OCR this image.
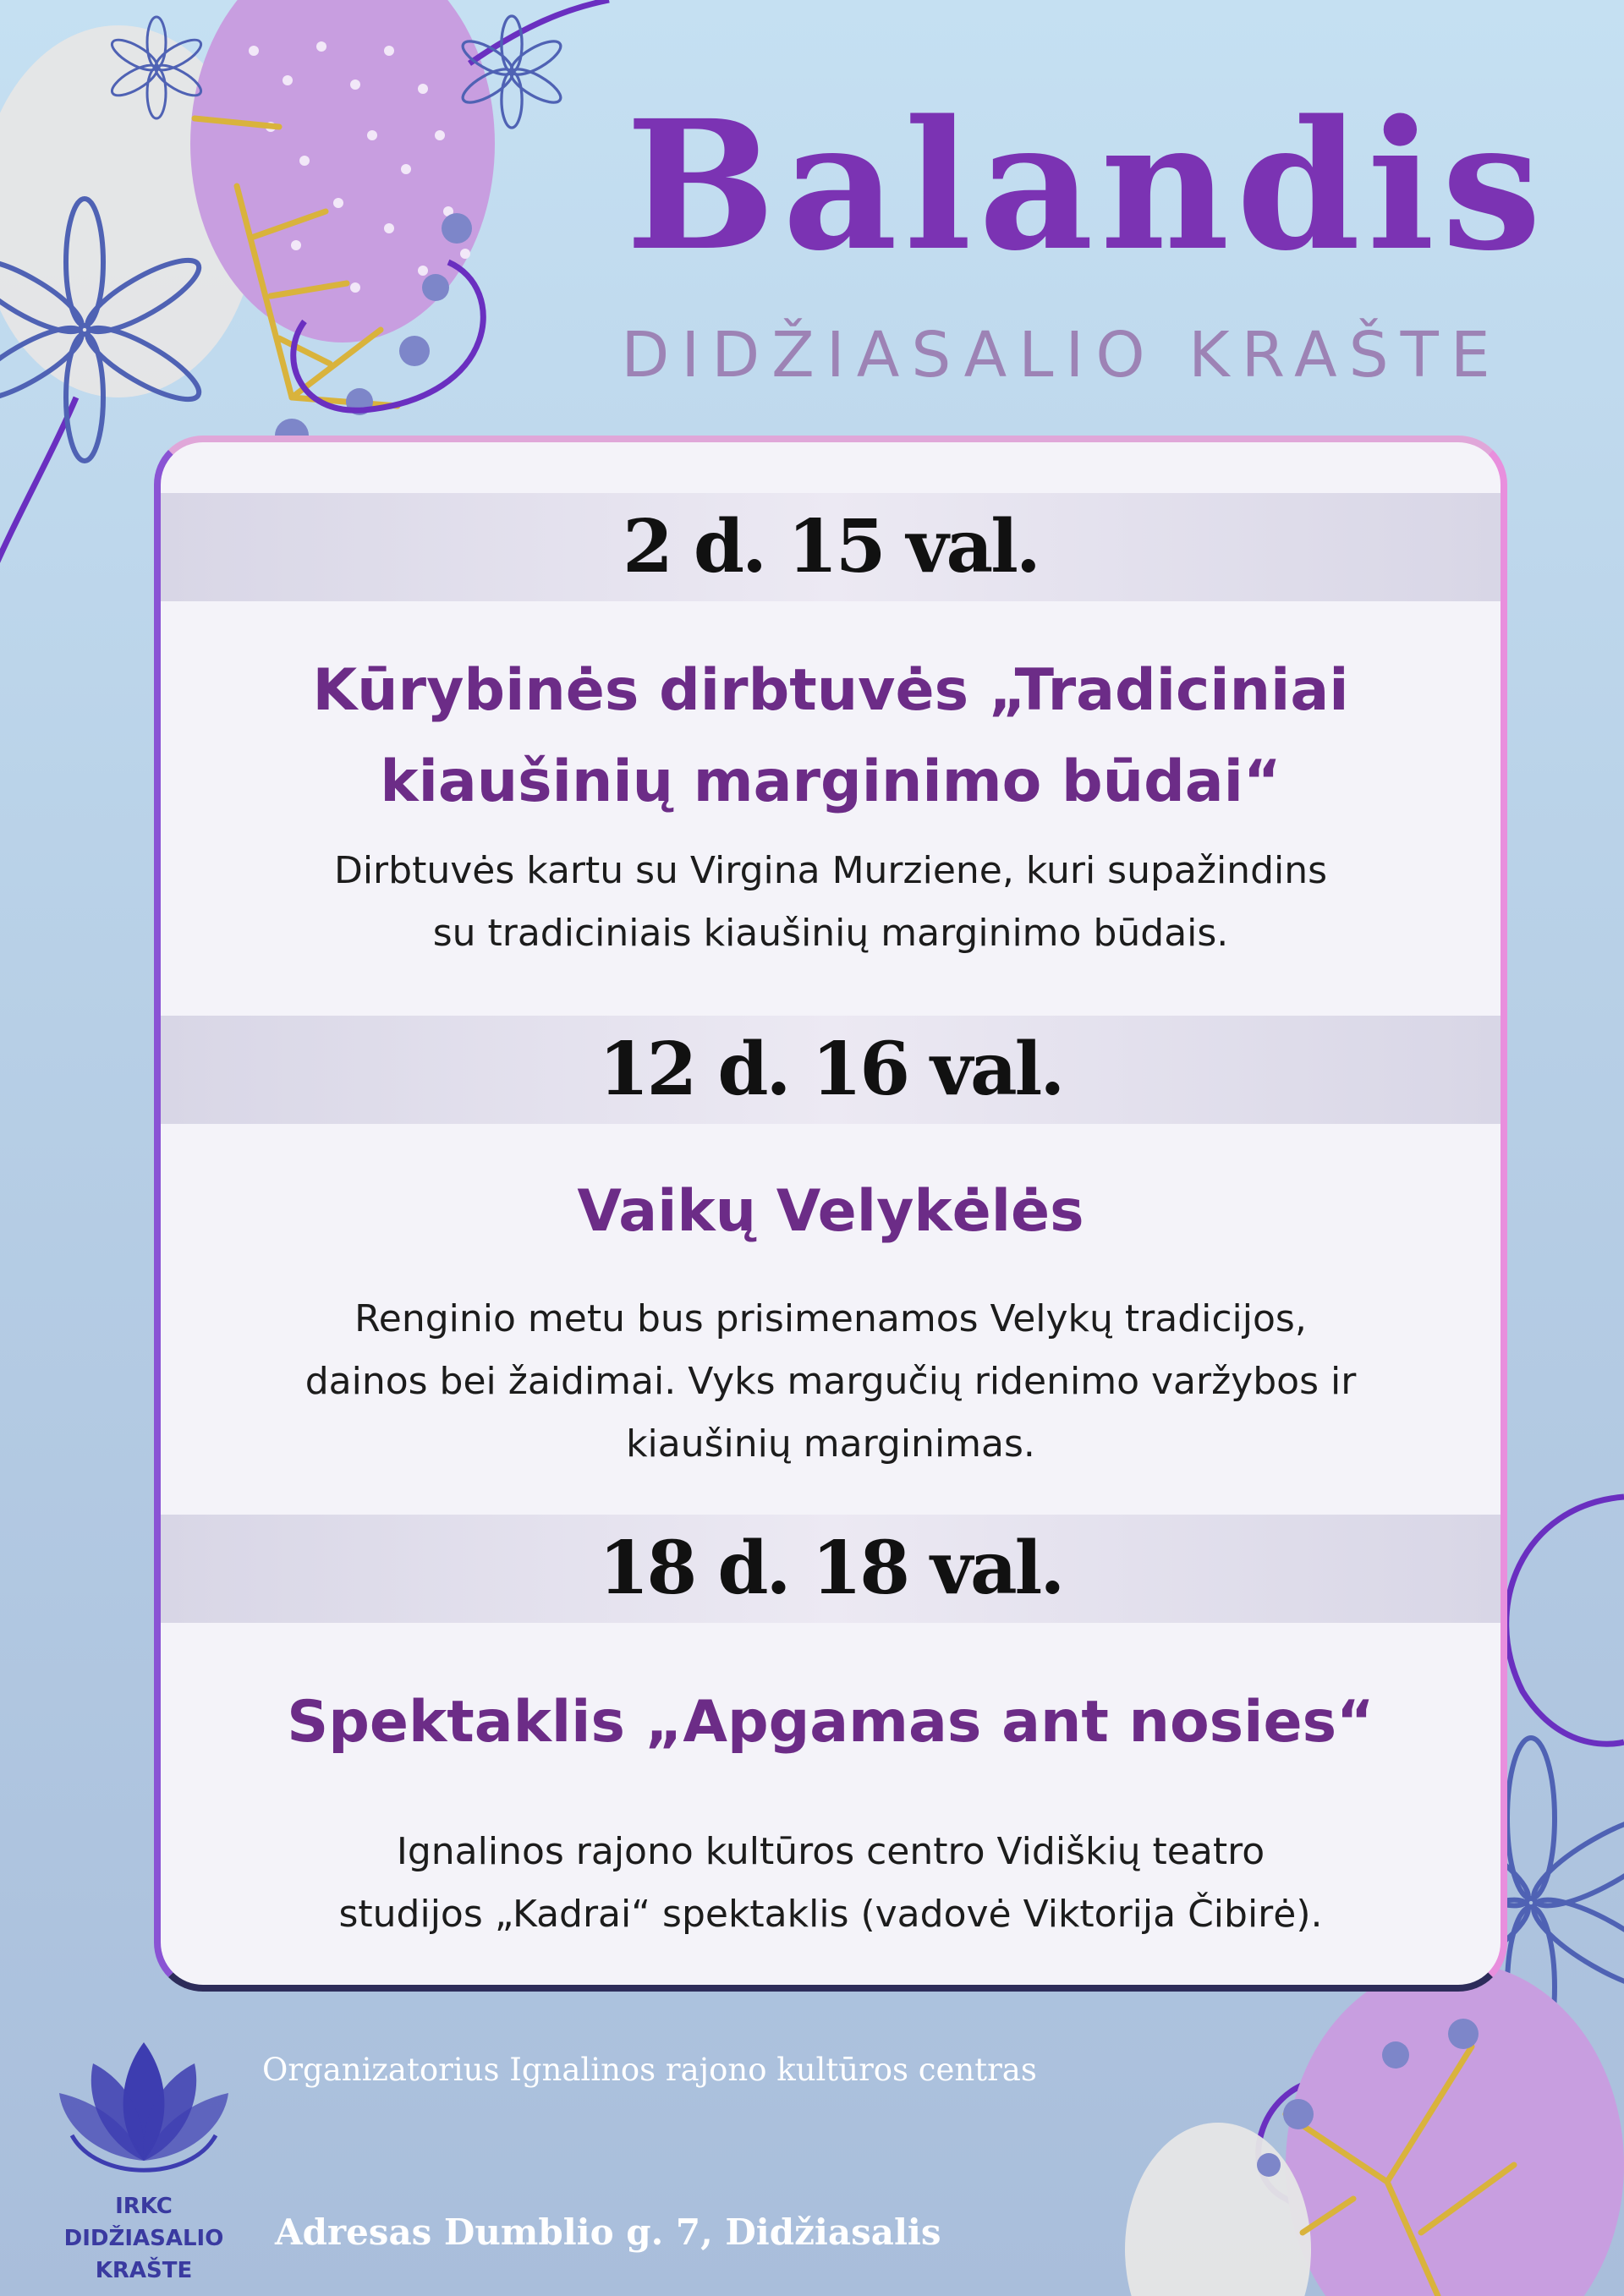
Balandis

DIDŽIASALIO KRAŠTE

2 d. 15 val.
Kūrybinės dirbtuvės „Tradiciniai
kiaušinių marginimo būdai“
Dirbtuvės kartu su Virgina Murziene, kuri supažindins
su tradiciniais kiaušinių marginimo būdais.
12 d. 16 val.
Vaikų Velykėlės
Renginio metu bus prisimenamos Velykų tradicijos,
dainos bei žaidimai. Vyks margučių ridenimo varžybos ir
kiaušinių marginimas.
18 d. 18 val.
Spektaklis „Apgamas ant nosies“
Ignalinos rajono kultūros centro Vidiškių teatro
studijos „Kadrai“ spektaklis (vadovė Viktorija Čibirė).
IRKC
DIDŽIASALIO KRAŠTE
Organizatorius Ignalinos rajono kultūros centras
Adresas Dumblio g. 7, Didžiasalis
